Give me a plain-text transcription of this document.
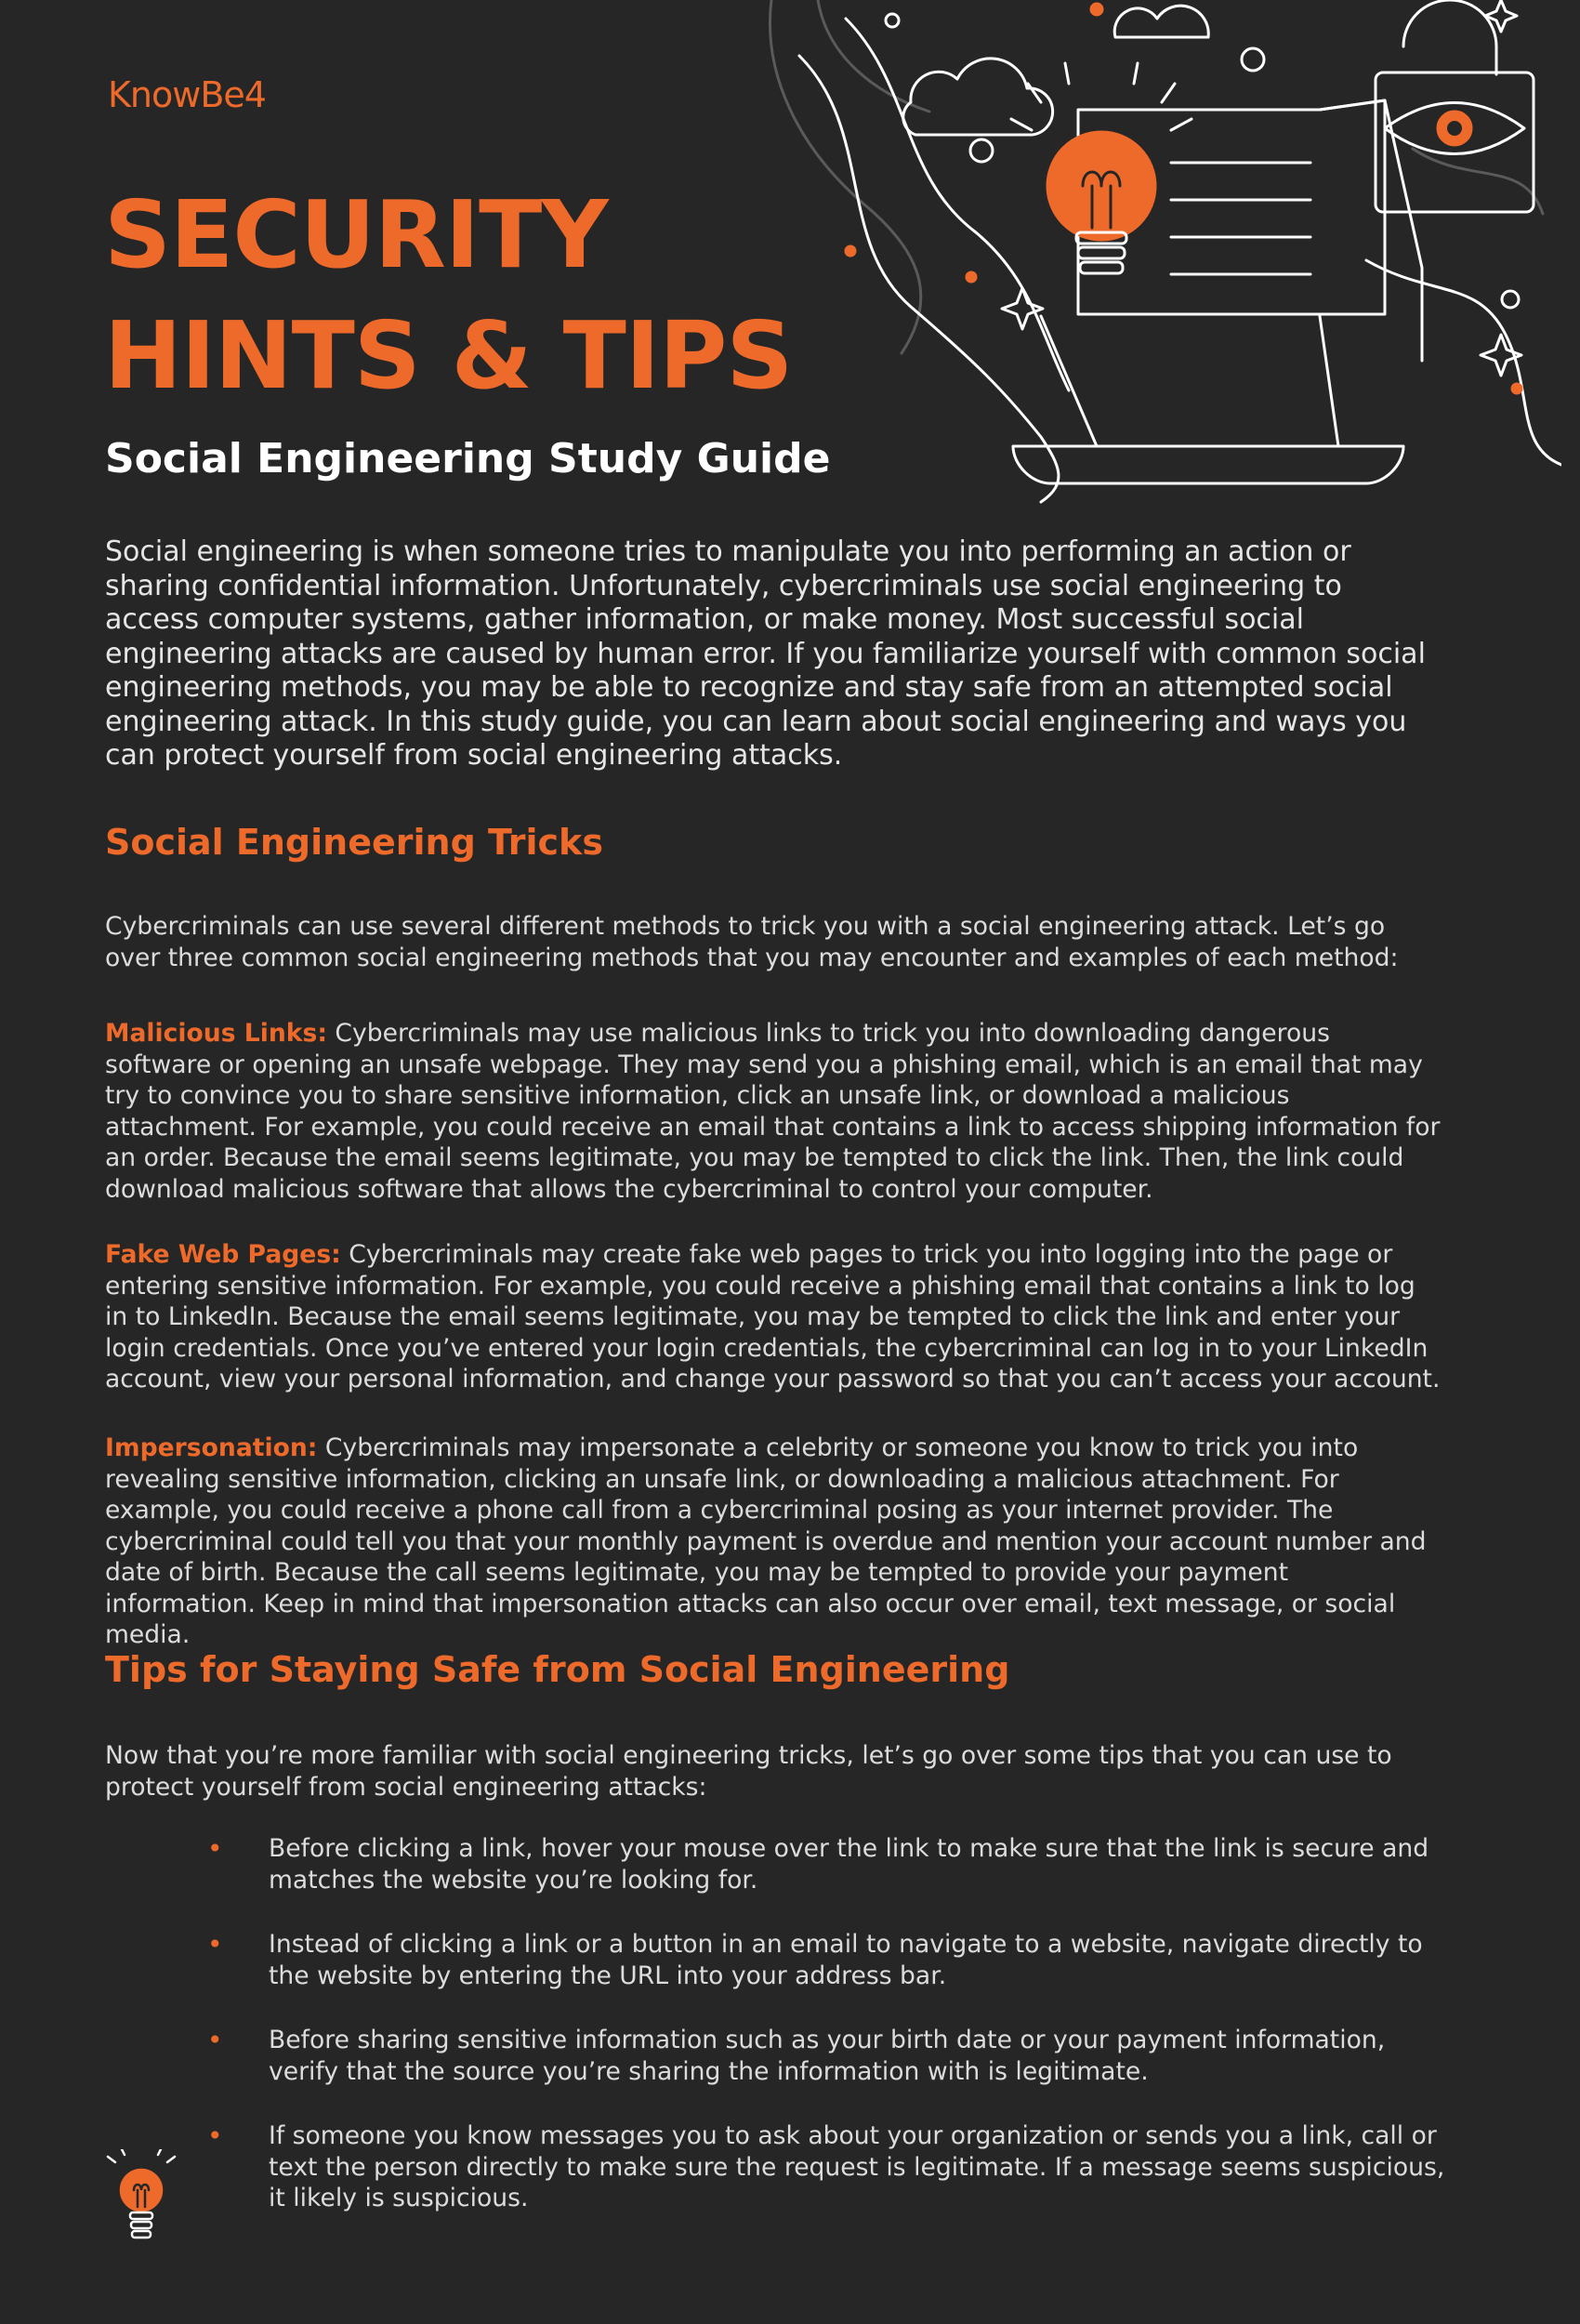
KnowBe4
SECURITY
HINTS & TIPS
Social Engineering Study Guide

Social engineering is when someone tries to manipulate you into performing an action or sharing confidential information. Unfortunately, cybercriminals use social engineering to access computer systems, gather information, or make money. Most successful social engineering attacks are caused by human error. If you familiarize yourself with common social engineering methods, you may be able to recognize and stay safe from an attempted social engineering attack. In this study guide, you can learn about social engineering and ways you can protect yourself from social engineering attacks.

Social Engineering Tricks

Cybercriminals can use several different methods to trick you with a social engineering attack. Let’s go over three common social engineering methods that you may encounter and examples of each method:

Malicious Links: Cybercriminals may use malicious links to trick you into downloading dangerous software or opening an unsafe webpage. They may send you a phishing email, which is an email that may try to convince you to share sensitive information, click an unsafe link, or download a malicious attachment. For example, you could receive an email that contains a link to access shipping information for an order. Because the email seems legitimate, you may be tempted to click the link. Then, the link could download malicious software that allows the cybercriminal to control your computer.

Fake Web Pages: Cybercriminals may create fake web pages to trick you into logging into the page or entering sensitive information. For example, you could receive a phishing email that contains a link to log in to LinkedIn. Because the email seems legitimate, you may be tempted to click the link and enter your login credentials. Once you’ve entered your login credentials, the cybercriminal can log in to your LinkedIn account, view your personal information, and change your password so that you can’t access your account.

Impersonation: Cybercriminals may impersonate a celebrity or someone you know to trick you into revealing sensitive information, clicking an unsafe link, or downloading a malicious attachment. For example, you could receive a phone call from a cybercriminal posing as your internet provider. The cybercriminal could tell you that your monthly payment is overdue and mention your account number and date of birth. Because the call seems legitimate, you may be tempted to provide your payment information. Keep in mind that impersonation attacks can also occur over email, text message, or social media.

Tips for Staying Safe from Social Engineering

Now that you’re more familiar with social engineering tricks, let’s go over some tips that you can use to protect yourself from social engineering attacks:

• Before clicking a link, hover your mouse over the link to make sure that the link is secure and matches the website you’re looking for.
• Instead of clicking a link or a button in an email to navigate to a website, navigate directly to the website by entering the URL into your address bar.
• Before sharing sensitive information such as your birth date or your payment information, verify that the source you’re sharing the information with is legitimate.
• If someone you know messages you to ask about your organization or sends you a link, call or text the person directly to make sure the request is legitimate. If a message seems suspicious, it likely is suspicious.
